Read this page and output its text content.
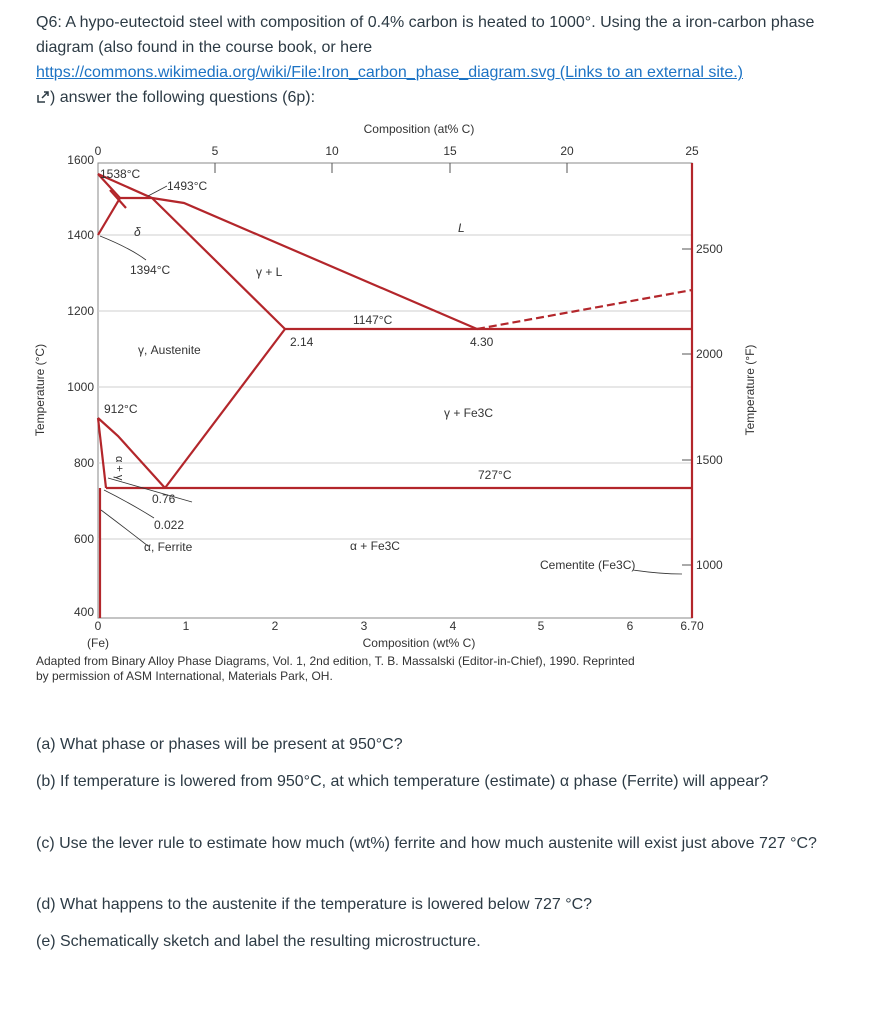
Q6: A hypo-eutectoid steel with composition of 0.4% carbon is heated to 1000°. Using the a iron-carbon phase diagram (also found in the course book, or here https://commons.wikimedia.org/wiki/File:Iron_carbon_phase_diagram.svg (Links to an external site.)
) answer the following questions (6p):
1600
1400
1200
1000
800
600
400
2500
2000
1500
1000
0	5	10	15	20	25
Composition (at% C)
0	1	2	3	4	5	6	6.70
(Fe)	Composition (wt% C)
Temperature (°C)	Temperature (°F)
1538°C
1493°C
δ
1394°C	γ + L
L
1147°C
2.14	4.30
γ, Austenite
912°C	γ + Fe3C
727°C
α + γ
0.76
0.022
α, Ferrite	α + Fe3C
Cementite (Fe3C)
Adapted from Binary Alloy Phase Diagrams, Vol. 1, 2nd edition, T. B. Massalski (Editor-in-Chief), 1990. Reprinted
by permission of ASM International, Materials Park, OH.
(a) What phase or phases will be present at 950°C?
(b) If temperature is lowered from 950°C, at which temperature (estimate) α phase (Ferrite) will appear?
(c) Use the lever rule to estimate how much (wt%) ferrite and how much austenite will exist just above 727 °C?
(d) What happens to the austenite if the temperature is lowered below 727 °C?
(e) Schematically sketch and label the resulting microstructure.
